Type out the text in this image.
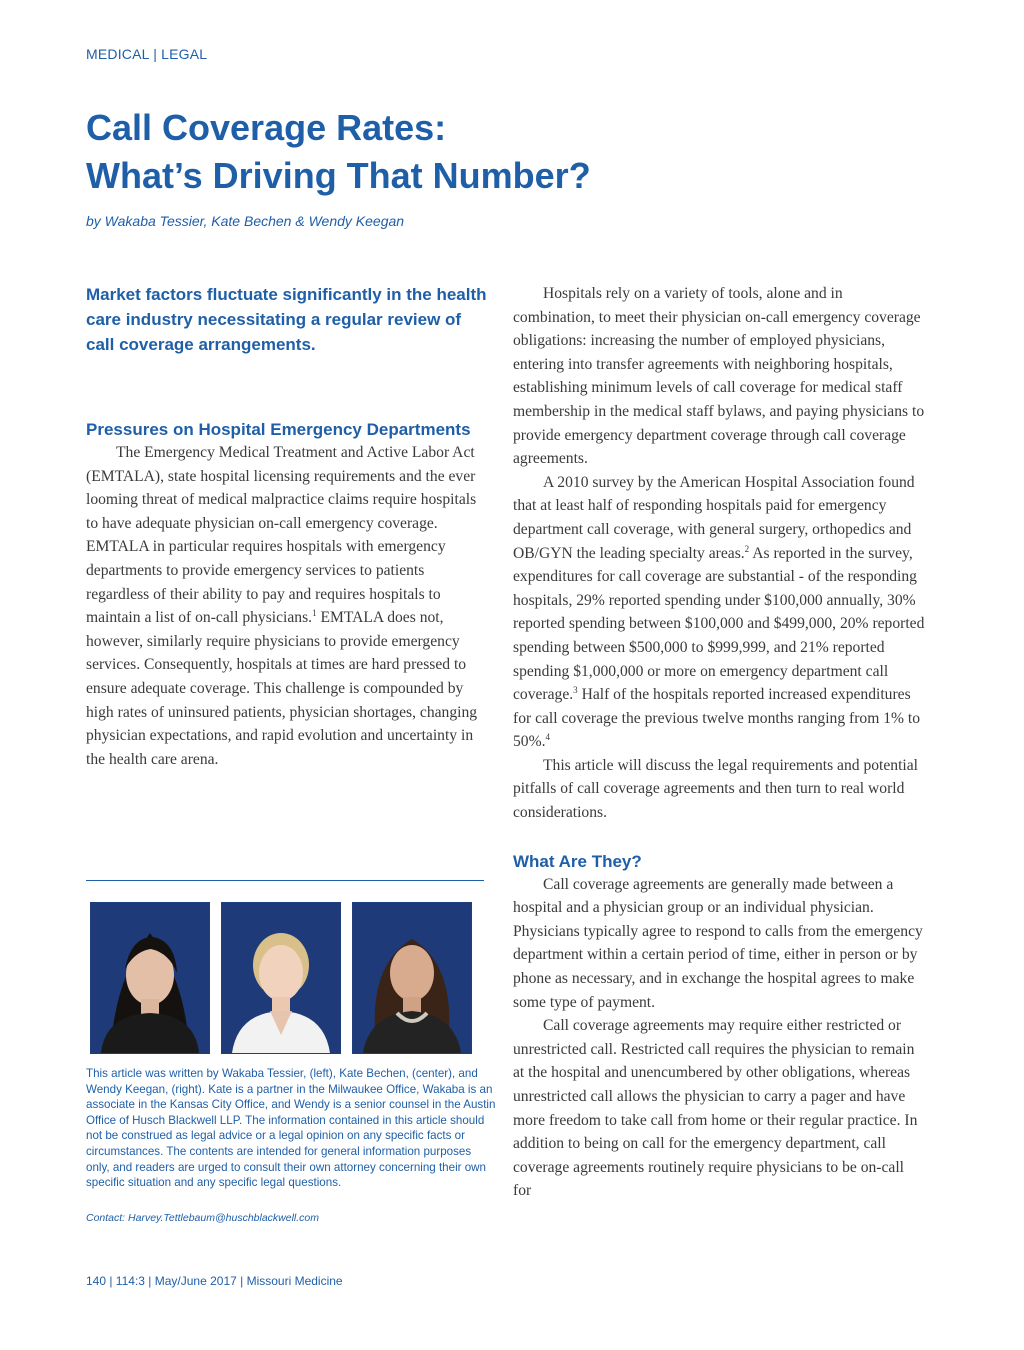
MEDICAL | LEGAL
Call Coverage Rates:
What’s Driving That Number?
by Wakaba Tessier, Kate Bechen & Wendy Keegan

Market factors fluctuate significantly in the health care industry necessitating a regular review of call coverage arrangements.

Pressures on Hospital Emergency Departments

The Emergency Medical Treatment and Active Labor Act (EMTALA), state hospital licensing requirements and the ever looming threat of medical malpractice claims require hospitals to have adequate physician on-call emergency coverage. EMTALA in particular requires hospitals with emergency departments to provide emergency services to patients regardless of their ability to pay and requires hospitals to maintain a list of on-call physicians.$^1$ EMTALA does not, however, similarly require physicians to provide emergency services. Consequently, hospitals at times are hard pressed to ensure adequate coverage. This challenge is compounded by high rates of uninsured patients, physician shortages, changing physician expectations, and rapid evolution and uncertainty in the health care arena.

This article was written by Wakaba Tessier, (left), Kate Bechen, (center), and Wendy Keegan, (right). Kate is a partner in the Milwaukee Office, Wakaba is an associate in the Kansas City Office, and Wendy is a senior counsel in the Austin Office of Husch Blackwell LLP. The information contained in this article should not be construed as legal advice or a legal opinion on any specific facts or circumstances. The contents are intended for general information purposes only, and readers are urged to consult their own attorney concerning their own specific situation and any specific legal questions.

Contact: Harvey.Tettlebaum@huschblackwell.com

Hospitals rely on a variety of tools, alone and in combination, to meet their physician on-call emergency coverage obligations: increasing the number of employed physicians, entering into transfer agreements with neighboring hospitals, establishing minimum levels of call coverage for medical staff membership in the medical staff bylaws, and paying physicians to provide emergency department coverage through call coverage agreements.

A 2010 survey by the American Hospital Association found that at least half of responding hospitals paid for emergency department call coverage, with general surgery, orthopedics and OB/GYN the leading specialty areas.$^2$ As reported in the survey, expenditures for call coverage are substantial - of the responding hospitals, 29% reported spending under $100,000 annually, 30% reported spending between $100,000 and $499,000, 20% reported spending between $500,000 to $999,999, and 21% reported spending $1,000,000 or more on emergency department call coverage.$^3$ Half of the hospitals reported increased expenditures for call coverage the previous twelve months ranging from 1% to 50%.$^4$

This article will discuss the legal requirements and potential pitfalls of call coverage agreements and then turn to real world considerations.

What Are They?

Call coverage agreements are generally made between a hospital and a physician group or an individual physician. Physicians typically agree to respond to calls from the emergency department within a certain period of time, either in person or by phone as necessary, and in exchange the hospital agrees to make some type of payment.

Call coverage agreements may require either restricted or unrestricted call. Restricted call requires the physician to remain at the hospital and unencumbered by other obligations, whereas unrestricted call allows the physician to carry a pager and have more freedom to take call from home or their regular practice. In addition to being on call for the emergency department, call coverage agreements routinely require physicians to be on-call for

140 | 114:3 | May/June 2017 | Missouri Medicine
